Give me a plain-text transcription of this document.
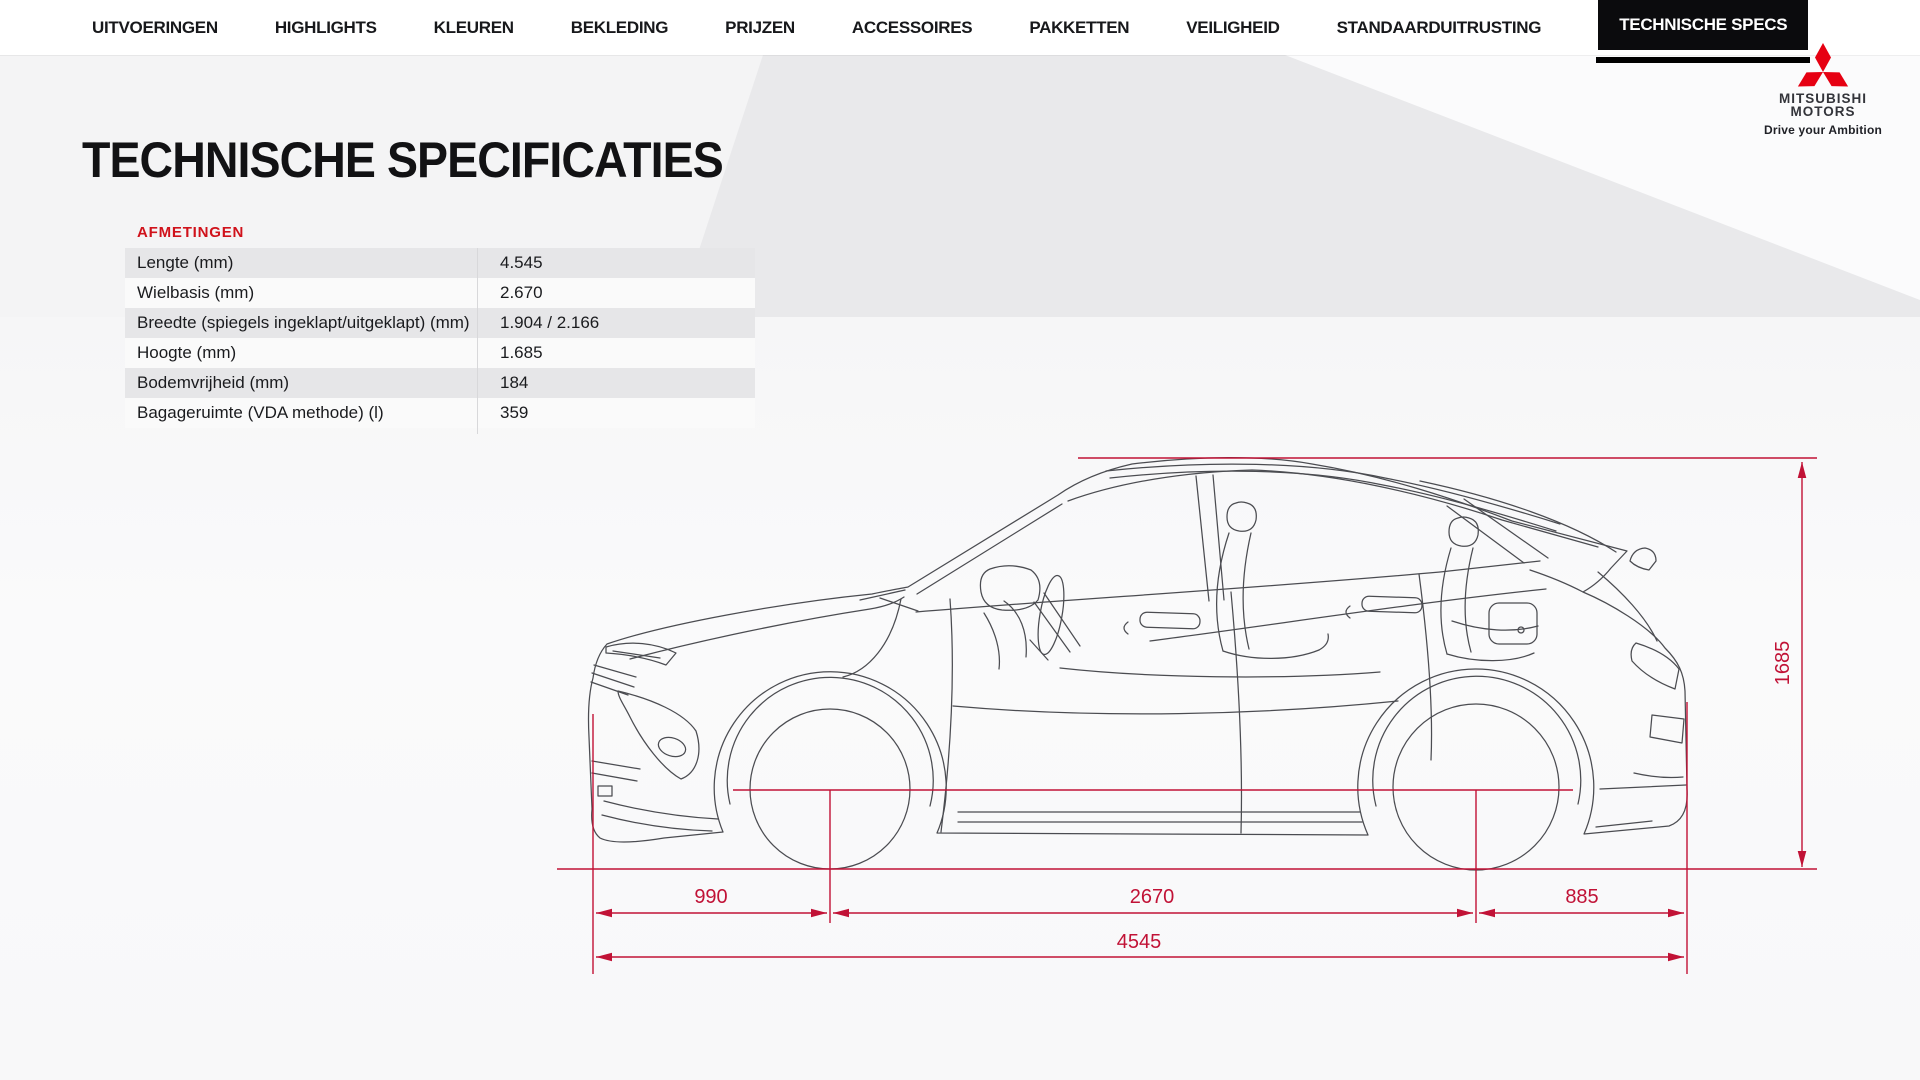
UITVOERINGEN	HIGHLIGHTS	KLEUREN	BEKLEDING	PRIJZEN	ACCESSOIRES	PAKKETTEN	VEILIGHEID	STANDAARDUITRUSTING	TECHNISCHE SPECS
MITSUBISHI
MOTORS
Drive your Ambition
TECHNISCHE SPECIFICATIES
AFMETINGEN
Lengte (mm)	4.545
Wielbasis (mm)	2.670
Breedte (spiegels ingeklapt/uitgeklapt) (mm)	1.904 / 2.166
Hoogte (mm)	1.685
Bodemvrijheid (mm)	184
Bagageruimte (VDA methode) (l)	359
990	2670	885
4545
1685
